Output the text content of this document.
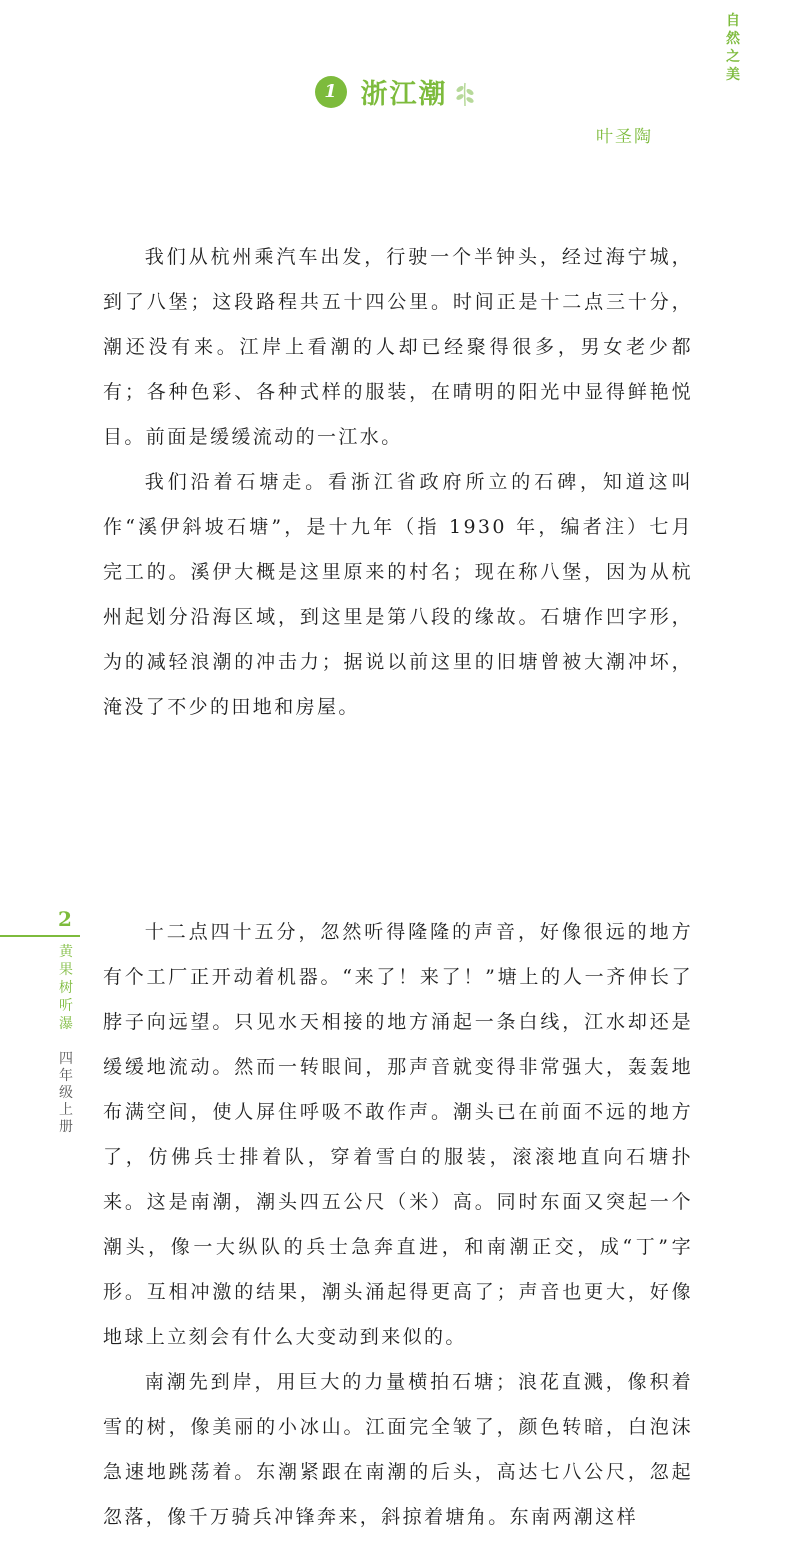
自
然
之
美
1 浙江潮
叶圣陶

我们从杭州乘汽车出发，行驶一个半钟头，经过海宁城，到了八堡；这段路程共五十四公里。时间正是十二点三十分，潮还没有来。江岸上看潮的人却已经聚得很多，男女老少都有；各种色彩、各种式样的服装，在晴明的阳光中显得鲜艳悦目。前面是缓缓流动的一江水。

我们沿着石塘走。看浙江省政府所立的石碑，知道这叫作“溪伊斜坡石塘”，是十九年（指 1930 年，编者注）七月完工的。溪伊大概是这里原来的村名；现在称八堡，因为从杭州起划分沿海区域，到这里是第八段的缘故。石塘作凹字形，为的减轻浪潮的冲击力；据说以前这里的旧塘曾被大潮冲坏，淹没了不少的田地和房屋。

2
黄
果
树
听
瀑
四
年
级
上
册

十二点四十五分，忽然听得隆隆的声音，好像很远的地方有个工厂正开动着机器。“来了！来了！”塘上的人一齐伸长了脖子向远望。只见水天相接的地方涌起一条白线，江水却还是缓缓地流动。然而一转眼间，那声音就变得非常强大，轰轰地布满空间，使人屏住呼吸不敢作声。潮头已在前面不远的地方了，仿佛兵士排着队，穿着雪白的服装，滚滚地直向石塘扑来。这是南潮，潮头四五公尺（米）高。同时东面又突起一个潮头，像一大纵队的兵士急奔直进，和南潮正交，成“丁”字形。互相冲激的结果，潮头涌起得更高了；声音也更大，好像地球上立刻会有什么大变动到来似的。

南潮先到岸，用巨大的力量横拍石塘；浪花直溅，像积着雪的树，像美丽的小冰山。江面完全皱了，颜色转暗，白泡沫急速地跳荡着。东潮紧跟在南潮的后头，高达七八公尺，忽起忽落，像千万骑兵冲锋奔来，斜掠着塘角。东南两潮这样
